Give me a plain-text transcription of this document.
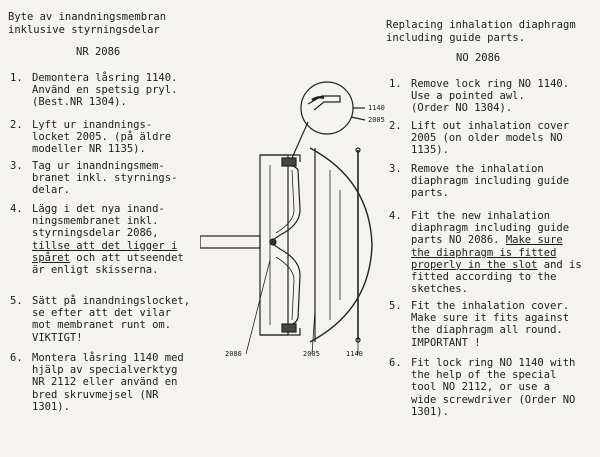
Byte av inandningsmembran
inklusive styrningsdelar
NR 2086
1. Demontera låsring 1140.
Använd en spetsig pryl.
(Best.NR 1304).
2. Lyft ur inandnings-
locket 2005. (på äldre
modeller NR 1135).
3. Tag ur inandningsmem-
branet inkl. styrnings-
delar.
4. Lägg i det nya inand-
ningsmembranet inkl.
styrningsdelar 2086,
tillse att det ligger i
spåret och att utseendet
är enligt skisserna.
5. Sätt på inandningslocket,
se efter att det vilar
mot membranet runt om.
VIKTIGT!
6. Montera låsring 1140 med
hjälp av specialverktyg
NR 2112 eller använd en
bred skruvmejsel (NR
1301).
1140
2005
2086	2005	1140
Replacing inhalation diaphragm
including guide parts.
NO 2086
1. Remove lock ring NO 1140.
Use a pointed awl.
(Order NO 1304).
2. Lift out inhalation cover
2005 (on older models NO
1135).
3. Remove the inhalation
diaphragm including guide
parts.
4. Fit the new inhalation
diaphragm including guide
parts NO 2086. Make sure
the diaphragm is fitted
properly in the slot and is
fitted according to the
sketches.
5. Fit the inhalation cover.
Make sure it fits against
the diaphragm all round.
IMPORTANT !
6. Fit lock ring NO 1140 with
the help of the special
tool NO 2112, or use a
wide screwdriver (Order NO
1301).
